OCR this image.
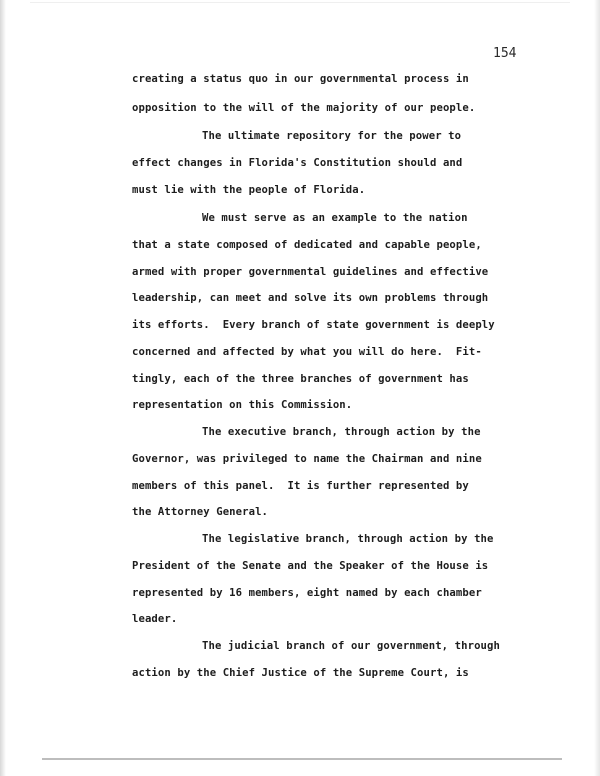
154
creating a status quo in our governmental process in
opposition to the will of the majority of our people.
The ultimate repository for the power to
effect changes in Florida's Constitution should and
must lie with the people of Florida.
We must serve as an example to the nation
that a state composed of dedicated and capable people,
armed with proper governmental guidelines and effective
leadership, can meet and solve its own problems through
its efforts.  Every branch of state government is deeply
concerned and affected by what you will do here.  Fit-
tingly, each of the three branches of government has
representation on this Commission.
The executive branch, through action by the
Governor, was privileged to name the Chairman and nine
members of this panel.  It is further represented by
the Attorney General.
The legislative branch, through action by the
President of the Senate and the Speaker of the House is
represented by 16 members, eight named by each chamber
leader.
The judicial branch of our government, through
action by the Chief Justice of the Supreme Court, is
